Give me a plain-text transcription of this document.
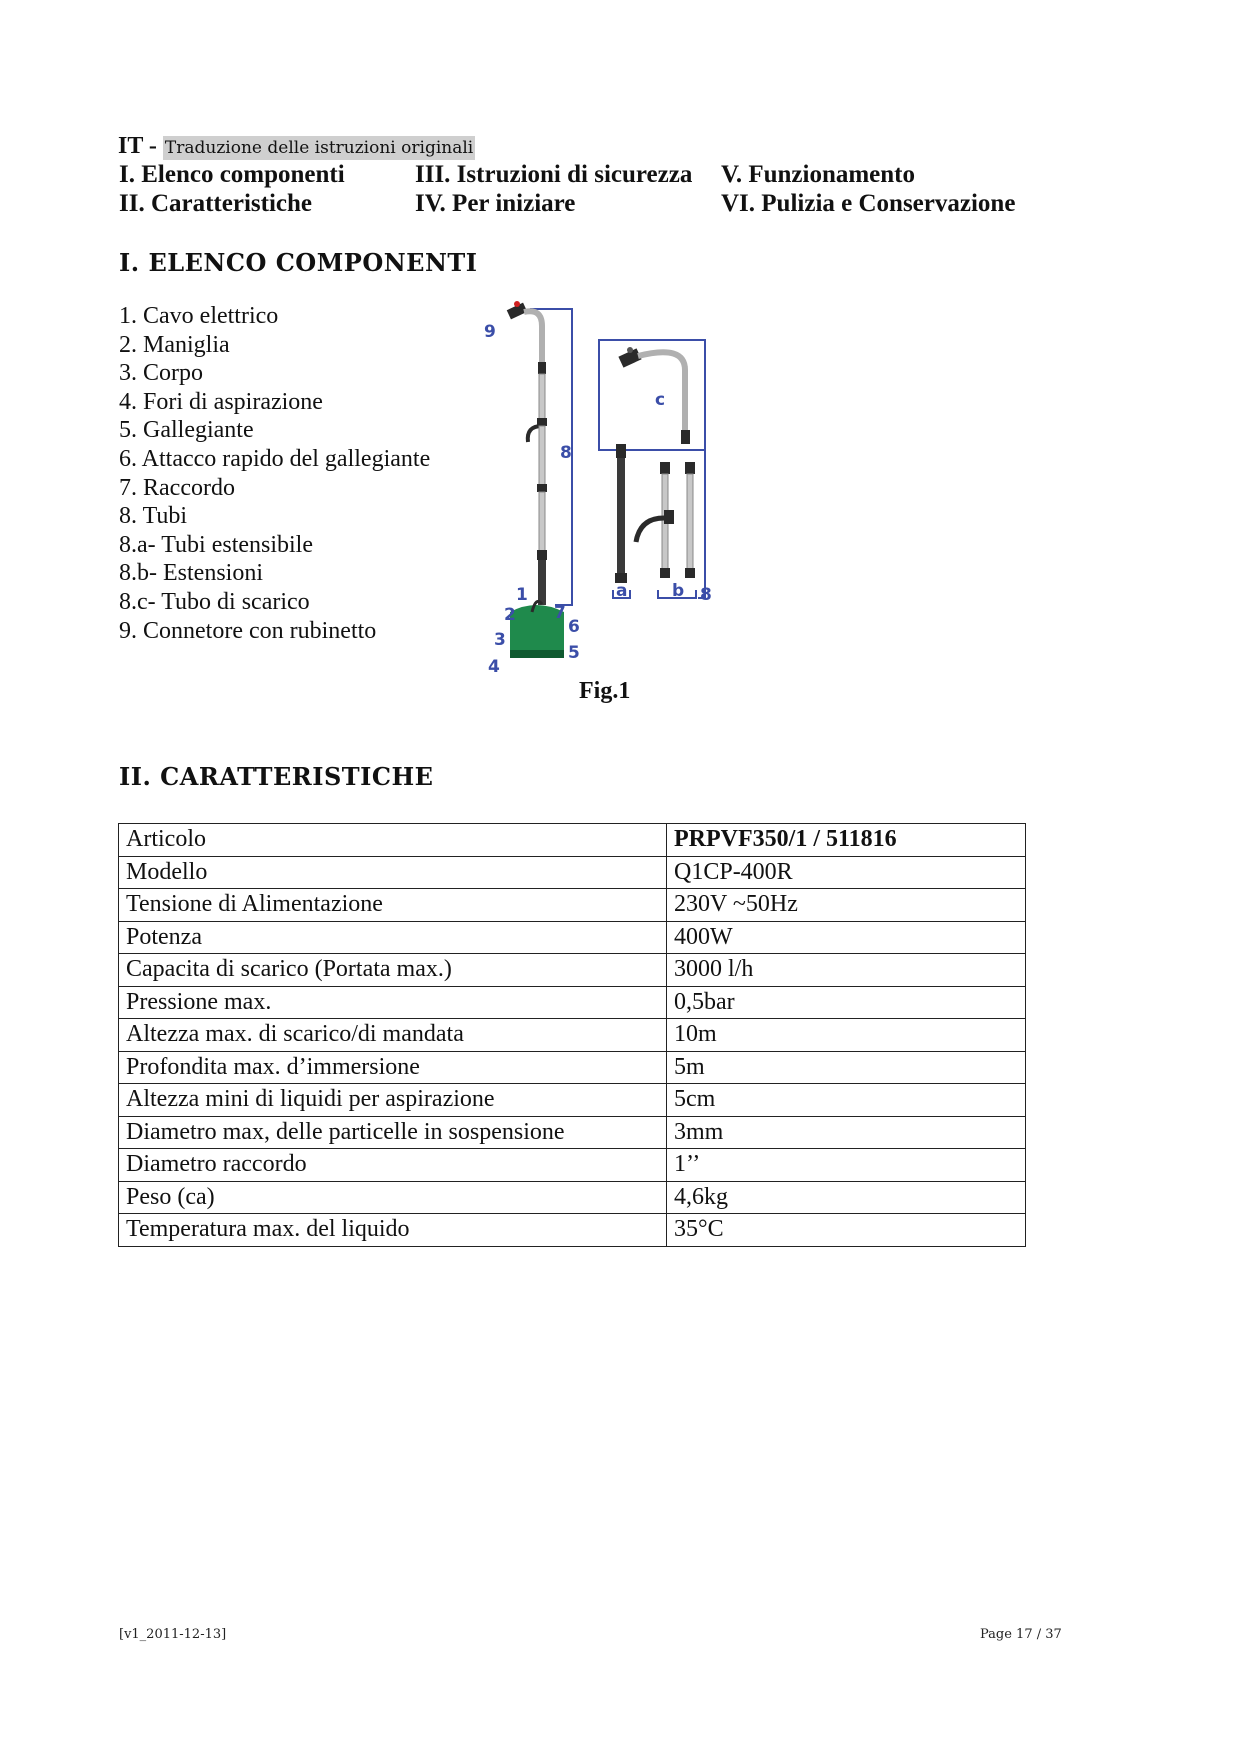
IT - Traduzione delle istruzioni originali
I. Elenco componenti
II. Caratteristiche
III. Istruzioni di sicurezza
IV. Per iniziare
V. Funzionamento
VI. Pulizia e Conservazione
I. ELENCO COMPONENTI
1. Cavo elettrico
2. Maniglia
3. Corpo
4. Fori di aspirazione
5. Gallegiante
6. Attacco rapido del gallegiante
7. Raccordo
8. Tubi
8.a- Tubi estensibile
8.b- Estensioni
8.c- Tubo di scarico
9. Connetore con rubinetto
9
8
1
2 7
6
3
5
4
c
a	b 8
Fig.1
II. CARATTERISTICHE
Articolo	PRPVF350/1 / 511816
Modello	Q1CP-400R
Tensione di Alimentazione	230V ~50Hz
Potenza	400W
Capacita di scarico (Portata max.)	3000 l/h
Pressione max.	0,5bar
Altezza max. di scarico/di mandata	10m
Profondita max. d’immersione	5m
Altezza mini di liquidi per aspirazione	5cm
Diametro max, delle particelle in sospensione	3mm
Diametro raccordo	1’’
Peso (ca)	4,6kg
Temperatura max. del liquido	35°C
[v1_2011-12-13]	Page 17 / 37
